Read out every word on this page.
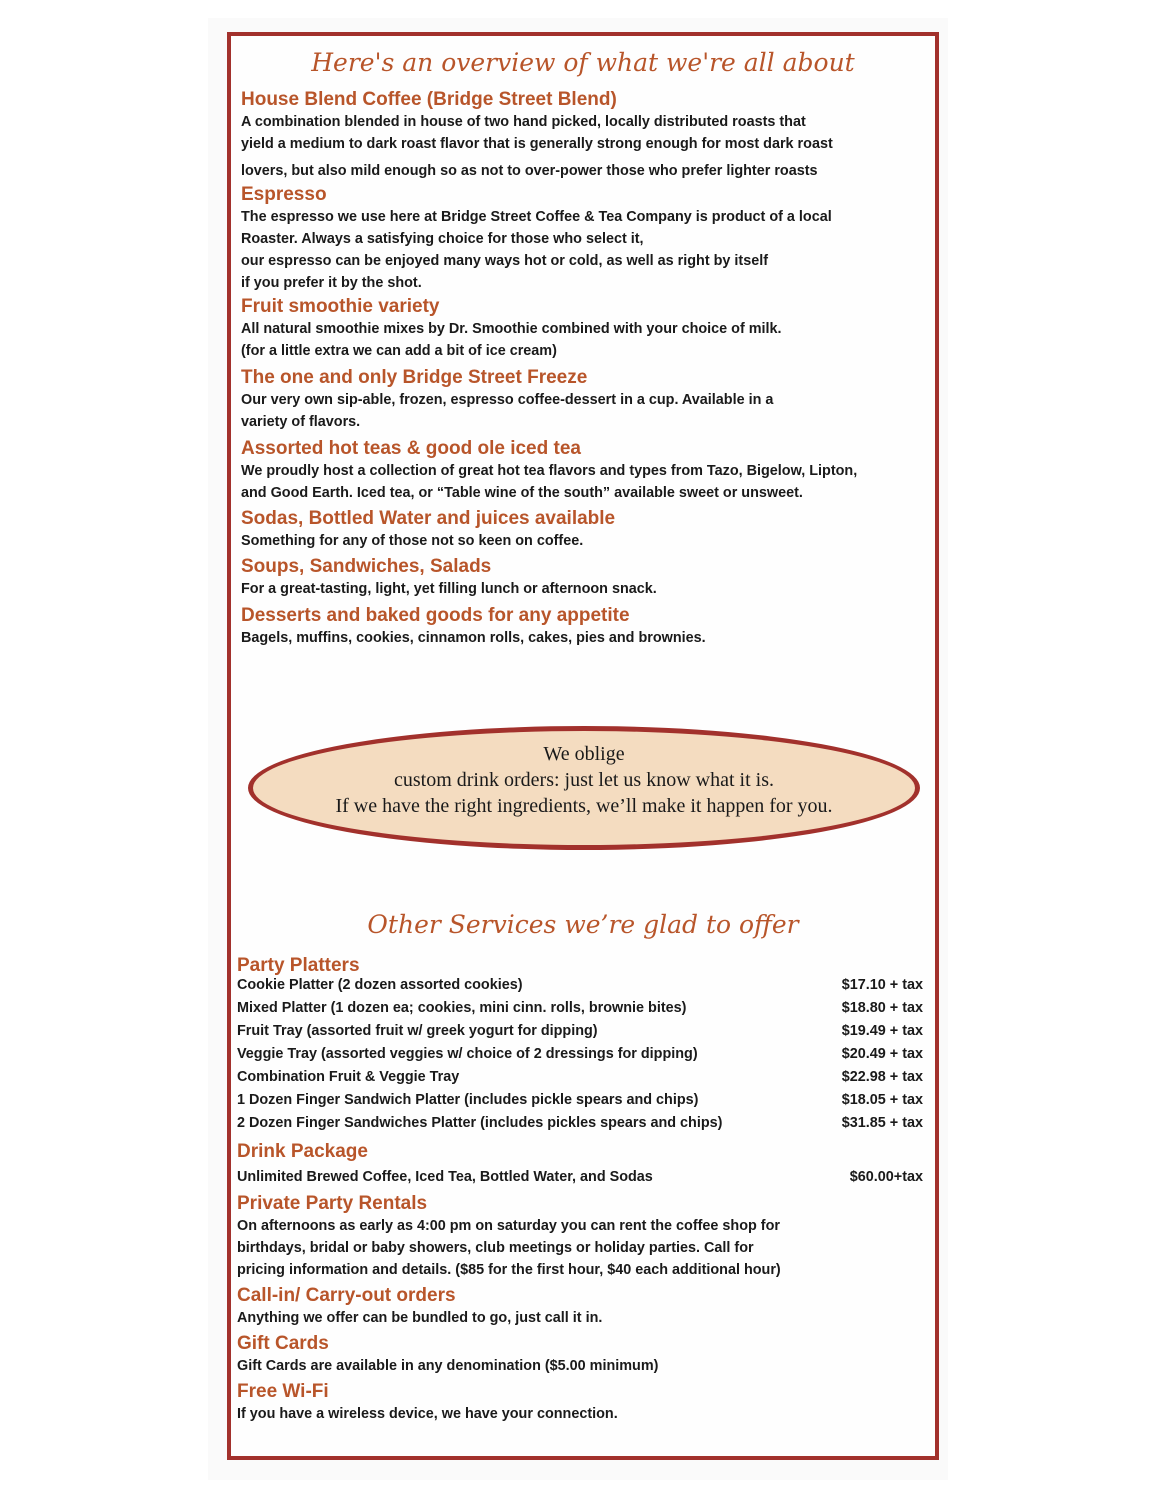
Here's an overview of what we're all about
House Blend Coffee (Bridge Street Blend)
A combination blended in house of two hand picked, locally distributed roasts that
yield a medium to dark roast flavor that is generally strong enough for most dark roast
lovers, but also mild enough so as not to over-power those who prefer lighter roasts
Espresso
The espresso we use here at Bridge Street Coffee & Tea Company is product of a local
Roaster. Always a satisfying choice for those who select it,
our espresso can be enjoyed many ways hot or cold, as well as right by itself
if you prefer it by the shot.
Fruit smoothie variety
All natural smoothie mixes by Dr. Smoothie combined with your choice of milk.
(for a little extra we can add a bit of ice cream)
The one and only Bridge Street Freeze
Our very own sip-able, frozen, espresso coffee-dessert in a cup. Available in a
variety of flavors.
Assorted hot teas & good ole iced tea
We proudly host a collection of great hot tea flavors and types from Tazo, Bigelow, Lipton,
and Good Earth. Iced tea, or “Table wine of the south” available sweet or unsweet.
Sodas, Bottled Water and juices available
Something for any of those not so keen on coffee.
Soups, Sandwiches, Salads
For a great-tasting, light, yet filling lunch or afternoon snack.
Desserts and baked goods for any appetite
Bagels, muffins, cookies, cinnamon rolls, cakes, pies and brownies.
We oblige
custom drink orders: just let us know what it is.
If we have the right ingredients, we’ll make it happen for you.
Other Services we’re glad to offer
Party Platters
Cookie Platter (2 dozen assorted cookies)	$17.10 + tax
Mixed Platter (1 dozen ea; cookies, mini cinn. rolls, brownie bites)	$18.80 + tax
Fruit Tray (assorted fruit w/ greek yogurt for dipping)	$19.49 + tax
Veggie Tray (assorted veggies w/ choice of 2 dressings for dipping)	$20.49 + tax
Combination Fruit & Veggie Tray	$22.98 + tax
1 Dozen Finger Sandwich Platter (includes pickle spears and chips)	$18.05 + tax
2 Dozen Finger Sandwiches Platter (includes pickles spears and chips)	$31.85 + tax
Drink Package
Unlimited Brewed Coffee, Iced Tea, Bottled Water, and Sodas	$60.00+tax
Private Party Rentals
On afternoons as early as 4:00 pm on saturday you can rent the coffee shop for
birthdays, bridal or baby showers, club meetings or holiday parties. Call for
pricing information and details. ($85 for the first hour, $40 each additional hour)
Call-in/ Carry-out orders
Anything we offer can be bundled to go, just call it in.
Gift Cards
Gift Cards are available in any denomination ($5.00 minimum)
Free Wi-Fi
If you have a wireless device, we have your connection.
